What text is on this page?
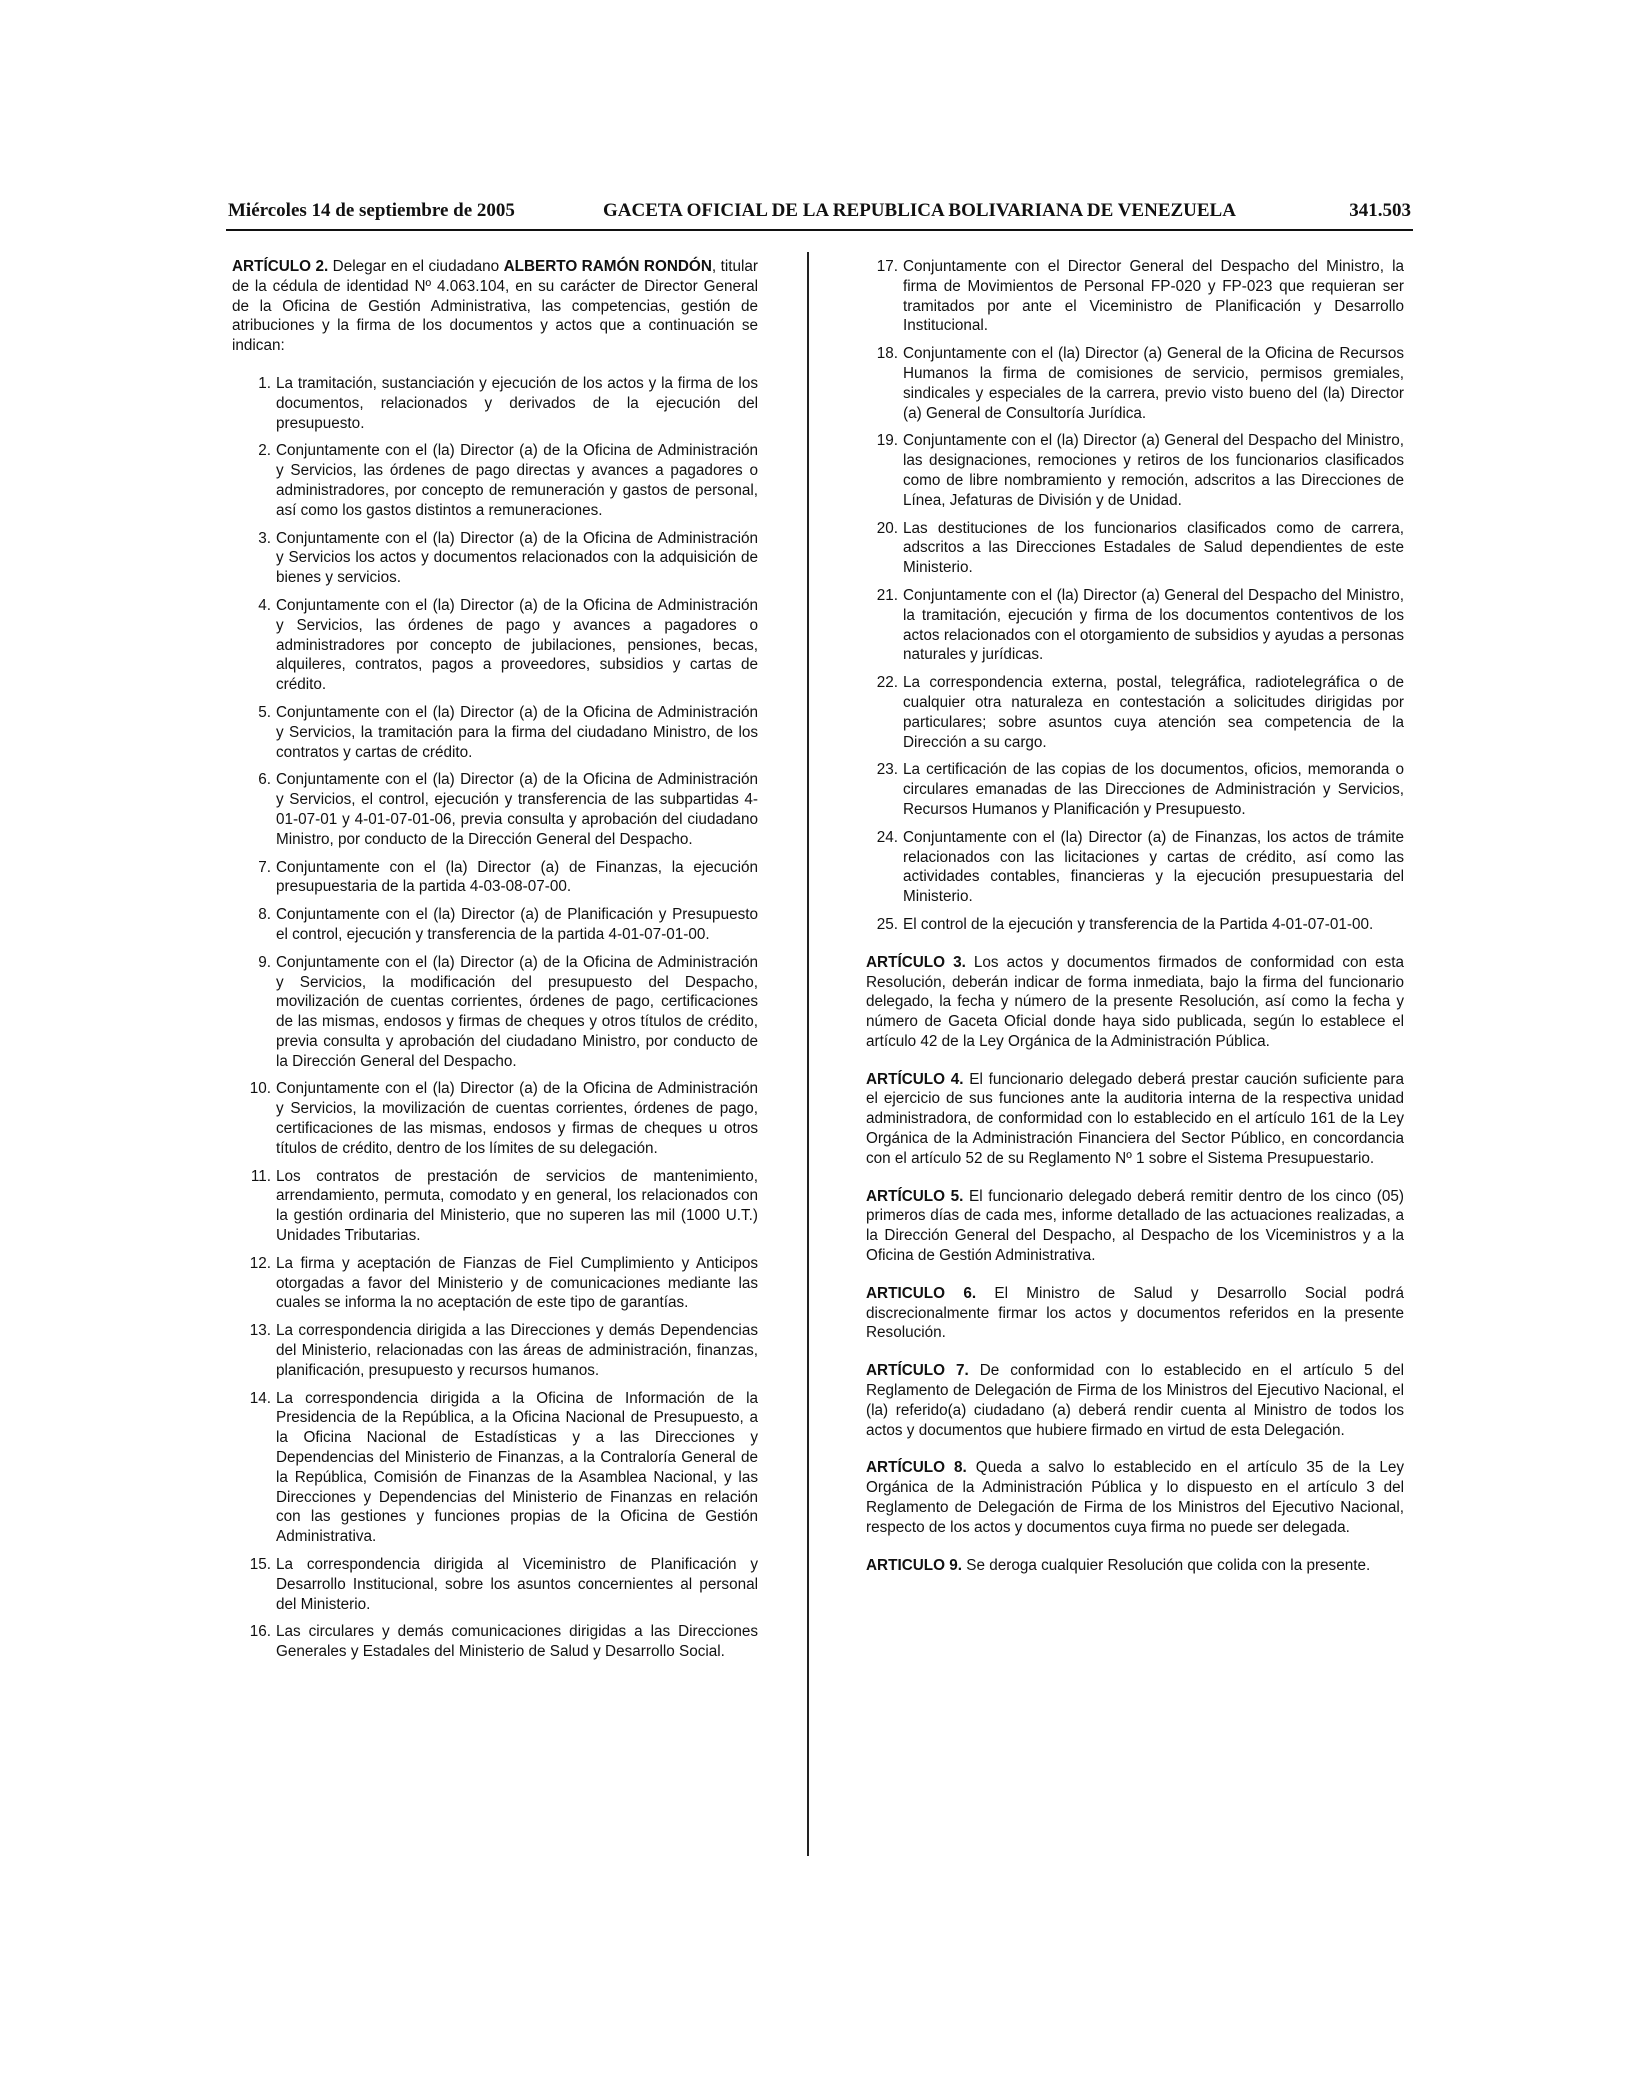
Miércoles 14 de septiembre de 2005	GACETA OFICIAL DE LA REPUBLICA BOLIVARIANA DE VENEZUELA	341.503

ARTÍCULO 2. Delegar en el ciudadano ALBERTO RAMÓN RONDÓN, titular de la cédula de identidad Nº 4.063.104, en su carácter de Director General de la Oficina de Gestión Administrativa, las competencias, gestión de atribuciones y la firma de los documentos y actos que a continuación se indican:

1. La tramitación, sustanciación y ejecución de los actos y la firma de los documentos, relacionados y derivados de la ejecución del presupuesto.
2. Conjuntamente con el (la) Director (a) de la Oficina de Administración y Servicios, las órdenes de pago directas y avances a pagadores o administradores, por concepto de remuneración y gastos de personal, así como los gastos distintos a remuneraciones.
3. Conjuntamente con el (la) Director (a) de la Oficina de Administración y Servicios los actos y documentos relacionados con la adquisición de bienes y servicios.
4. Conjuntamente con el (la) Director (a) de la Oficina de Administración y Servicios, las órdenes de pago y avances a pagadores o administradores por concepto de jubilaciones, pensiones, becas, alquileres, contratos, pagos a proveedores, subsidios y cartas de crédito.
5. Conjuntamente con el (la) Director (a) de la Oficina de Administración y Servicios, la tramitación para la firma del ciudadano Ministro, de los contratos y cartas de crédito.
6. Conjuntamente con el (la) Director (a) de la Oficina de Administración y Servicios, el control, ejecución y transferencia de las subpartidas 4-01-07-01 y 4-01-07-01-06, previa consulta y aprobación del ciudadano Ministro, por conducto de la Dirección General del Despacho.
7. Conjuntamente con el (la) Director (a) de Finanzas, la ejecución presupuestaria de la partida 4-03-08-07-00.
8. Conjuntamente con el (la) Director (a) de Planificación y Presupuesto el control, ejecución y transferencia de la partida 4-01-07-01-00.
9. Conjuntamente con el (la) Director (a) de la Oficina de Administración y Servicios, la modificación del presupuesto del Despacho, movilización de cuentas corrientes, órdenes de pago, certificaciones de las mismas, endosos y firmas de cheques y otros títulos de crédito, previa consulta y aprobación del ciudadano Ministro, por conducto de la Dirección General del Despacho.
10. Conjuntamente con el (la) Director (a) de la Oficina de Administración y Servicios, la movilización de cuentas corrientes, órdenes de pago, certificaciones de las mismas, endosos y firmas de cheques u otros títulos de crédito, dentro de los límites de su delegación.
11. Los contratos de prestación de servicios de mantenimiento, arrendamiento, permuta, comodato y en general, los relacionados con la gestión ordinaria del Ministerio, que no superen las mil (1000 U.T.) Unidades Tributarias.
12. La firma y aceptación de Fianzas de Fiel Cumplimiento y Anticipos otorgadas a favor del Ministerio y de comunicaciones mediante las cuales se informa la no aceptación de este tipo de garantías.
13. La correspondencia dirigida a las Direcciones y demás Dependencias del Ministerio, relacionadas con las áreas de administración, finanzas, planificación, presupuesto y recursos humanos.
14. La correspondencia dirigida a la Oficina de Información de la Presidencia de la República, a la Oficina Nacional de Presupuesto, a la Oficina Nacional de Estadísticas y a las Direcciones y Dependencias del Ministerio de Finanzas, a la Contraloría General de la República, Comisión de Finanzas de la Asamblea Nacional, y las Direcciones y Dependencias del Ministerio de Finanzas en relación con las gestiones y funciones propias de la Oficina de Gestión Administrativa.
15. La correspondencia dirigida al Viceministro de Planificación y Desarrollo Institucional, sobre los asuntos concernientes al personal del Ministerio.
16. Las circulares y demás comunicaciones dirigidas a las Direcciones Generales y Estadales del Ministerio de Salud y Desarrollo Social.
17. Conjuntamente con el Director General del Despacho del Ministro, la firma de Movimientos de Personal FP-020 y FP-023 que requieran ser tramitados por ante el Viceministro de Planificación y Desarrollo Institucional.
18. Conjuntamente con el (la) Director (a) General de la Oficina de Recursos Humanos la firma de comisiones de servicio, permisos gremiales, sindicales y especiales de la carrera, previo visto bueno del (la) Director (a) General de Consultoría Jurídica.
19. Conjuntamente con el (la) Director (a) General del Despacho del Ministro, las designaciones, remociones y retiros de los funcionarios clasificados como de libre nombramiento y remoción, adscritos a las Direcciones de Línea, Jefaturas de División y de Unidad.
20. Las destituciones de los funcionarios clasificados como de carrera, adscritos a las Direcciones Estadales de Salud dependientes de este Ministerio.
21. Conjuntamente con el (la) Director (a) General del Despacho del Ministro, la tramitación, ejecución y firma de los documentos contentivos de los actos relacionados con el otorgamiento de subsidios y ayudas a personas naturales y jurídicas.
22. La correspondencia externa, postal, telegráfica, radiotelegráfica o de cualquier otra naturaleza en contestación a solicitudes dirigidas por particulares; sobre asuntos cuya atención sea competencia de la Dirección a su cargo.
23. La certificación de las copias de los documentos, oficios, memoranda o circulares emanadas de las Direcciones de Administración y Servicios, Recursos Humanos y Planificación y Presupuesto.
24. Conjuntamente con el (la) Director (a) de Finanzas, los actos de trámite relacionados con las licitaciones y cartas de crédito, así como las actividades contables, financieras y la ejecución presupuestaria del Ministerio.
25. El control de la ejecución y transferencia de la Partida 4-01-07-01-00.

ARTÍCULO 3. Los actos y documentos firmados de conformidad con esta Resolución, deberán indicar de forma inmediata, bajo la firma del funcionario delegado, la fecha y número de la presente Resolución, así como la fecha y número de Gaceta Oficial donde haya sido publicada, según lo establece el artículo 42 de la Ley Orgánica de la Administración Pública.

ARTÍCULO 4. El funcionario delegado deberá prestar caución suficiente para el ejercicio de sus funciones ante la auditoria interna de la respectiva unidad administradora, de conformidad con lo establecido en el artículo 161 de la Ley Orgánica de la Administración Financiera del Sector Público, en concordancia con el artículo 52 de su Reglamento Nº 1 sobre el Sistema Presupuestario.

ARTÍCULO 5. El funcionario delegado deberá remitir dentro de los cinco (05) primeros días de cada mes, informe detallado de las actuaciones realizadas, a la Dirección General del Despacho, al Despacho de los Viceministros y a la Oficina de Gestión Administrativa.

ARTICULO 6. El Ministro de Salud y Desarrollo Social podrá discrecionalmente firmar los actos y documentos referidos en la presente Resolución.

ARTÍCULO 7. De conformidad con lo establecido en el artículo 5 del Reglamento de Delegación de Firma de los Ministros del Ejecutivo Nacional, el (la) referido(a) ciudadano (a) deberá rendir cuenta al Ministro de todos los actos y documentos que hubiere firmado en virtud de esta Delegación.

ARTÍCULO 8. Queda a salvo lo establecido en el artículo 35 de la Ley Orgánica de la Administración Pública y lo dispuesto en el artículo 3 del Reglamento de Delegación de Firma de los Ministros del Ejecutivo Nacional, respecto de los actos y documentos cuya firma no puede ser delegada.

ARTICULO 9. Se deroga cualquier Resolución que colida con la presente.
